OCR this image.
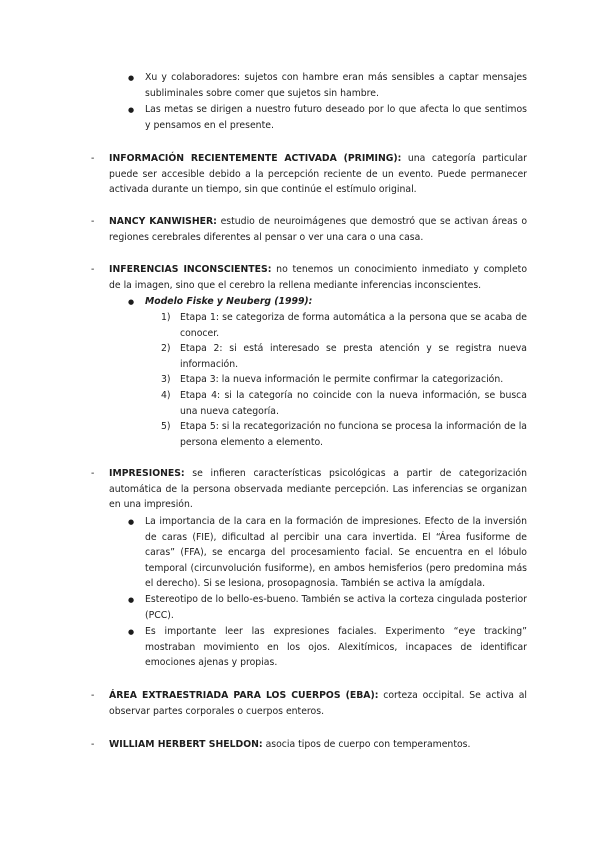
● Xu y colaboradores: sujetos con hambre eran más sensibles a captar mensajes subliminales sobre comer que sujetos sin hambre.
● Las metas se dirigen a nuestro futuro deseado por lo que afecta lo que sentimos y pensamos en el presente.
- INFORMACIÓN RECIENTEMENTE ACTIVADA (PRIMING): una categoría particular puede ser accesible debido a la percepción reciente de un evento. Puede permanecer activada durante un tiempo, sin que continúe el estímulo original.
- NANCY KANWISHER: estudio de neuroimágenes que demostró que se activan áreas o regiones cerebrales diferentes al pensar o ver una cara o una casa.
- INFERENCIAS INCONSCIENTES: no tenemos un conocimiento inmediato y completo de la imagen, sino que el cerebro la rellena mediante inferencias inconscientes.
● Modelo Fiske y Neuberg (1999):
1) Etapa 1: se categoriza de forma automática a la persona que se acaba de conocer.
2) Etapa 2: si está interesado se presta atención y se registra nueva información.
3) Etapa 3: la nueva información le permite confirmar la categorización.
4) Etapa 4: si la categoría no coincide con la nueva información, se busca una nueva categoría.
5) Etapa 5: si la recategorización no funciona se procesa la información de la persona elemento a elemento.
- IMPRESIONES: se infieren características psicológicas a partir de categorización automática de la persona observada mediante percepción. Las inferencias se organizan en una impresión.
● La importancia de la cara en la formación de impresiones. Efecto de la inversión de caras (FIE), dificultad al percibir una cara invertida. El “Área fusiforme de caras” (FFA), se encarga del procesamiento facial. Se encuentra en el lóbulo temporal (circunvolución fusiforme), en ambos hemisferios (pero predomina más el derecho). Si se lesiona, prosopagnosia. También se activa la amígdala.
● Estereotipo de lo bello-es-bueno. También se activa la corteza cingulada posterior (PCC).
● Es importante leer las expresiones faciales. Experimento “eye tracking” mostraban movimiento en los ojos. Alexitímicos, incapaces de identificar emociones ajenas y propias.
- ÁREA EXTRAESTRIADA PARA LOS CUERPOS (EBA): corteza occipital. Se activa al observar partes corporales o cuerpos enteros.
- WILLIAM HERBERT SHELDON: asocia tipos de cuerpo con temperamentos.
